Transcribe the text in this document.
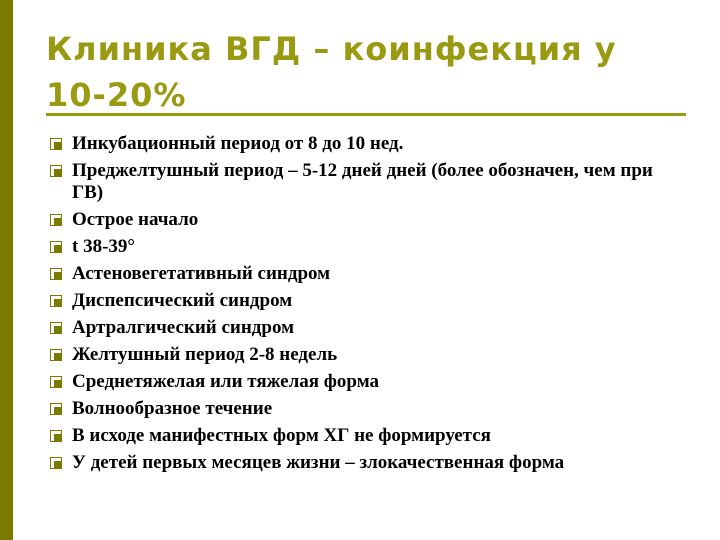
Клиника ВГД – коинфекция у 10-20%
Инкубационный период от 8 до 10 нед.
Преджелтушный период – 5-12 дней дней (более обозначен, чем при ГВ)
Острое начало
t 38-39°
Астеновегетативный синдром
Диспепсический синдром
Артралгический синдром
Желтушный период 2-8 недель
Среднетяжелая или тяжелая форма
Волнообразное течение
В исходе манифестных форм ХГ не формируется
У детей первых месяцев жизни – злокачественная форма
